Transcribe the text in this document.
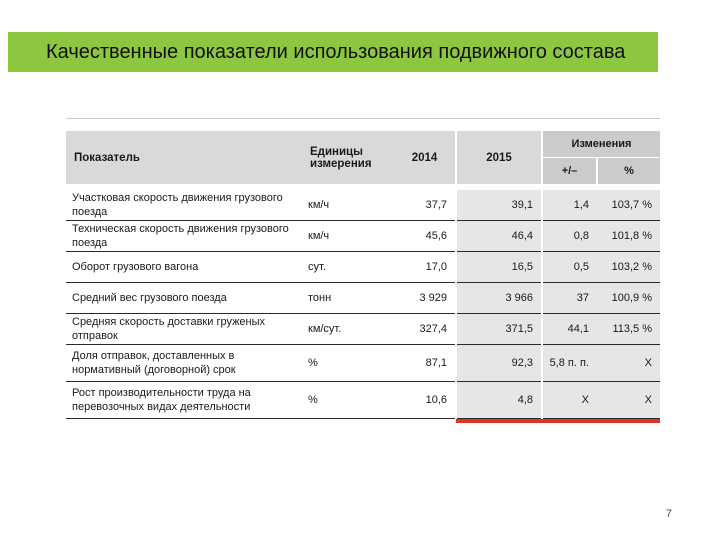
Качественные показатели использования подвижного состава
Показатель	Единицы измерения	2014	2015	Изменения	
				+/–	%
Участковая скорость движения грузового поезда	км/ч	37,7	39,1	1,4	103,7 %
Техническая скорость движения грузового поезда	км/ч	45,6	46,4	0,8	101,8 %
Оборот грузового вагона	сут.	17,0	16,5	0,5	103,2 %
Средний вес грузового поезда	тонн	3 929	3 966	37	100,9 %
Средняя скорость доставки груженых отправок	км/сут.	327,4	371,5	44,1	113,5 %
Доля отправок, доставленных в нормативный (договорной) срок	%	87,1	92,3	5,8 п. п.	Х
Рост производительности труда на перевозочных видах деятельности	%	10,6	4,8	Х	Х
7
